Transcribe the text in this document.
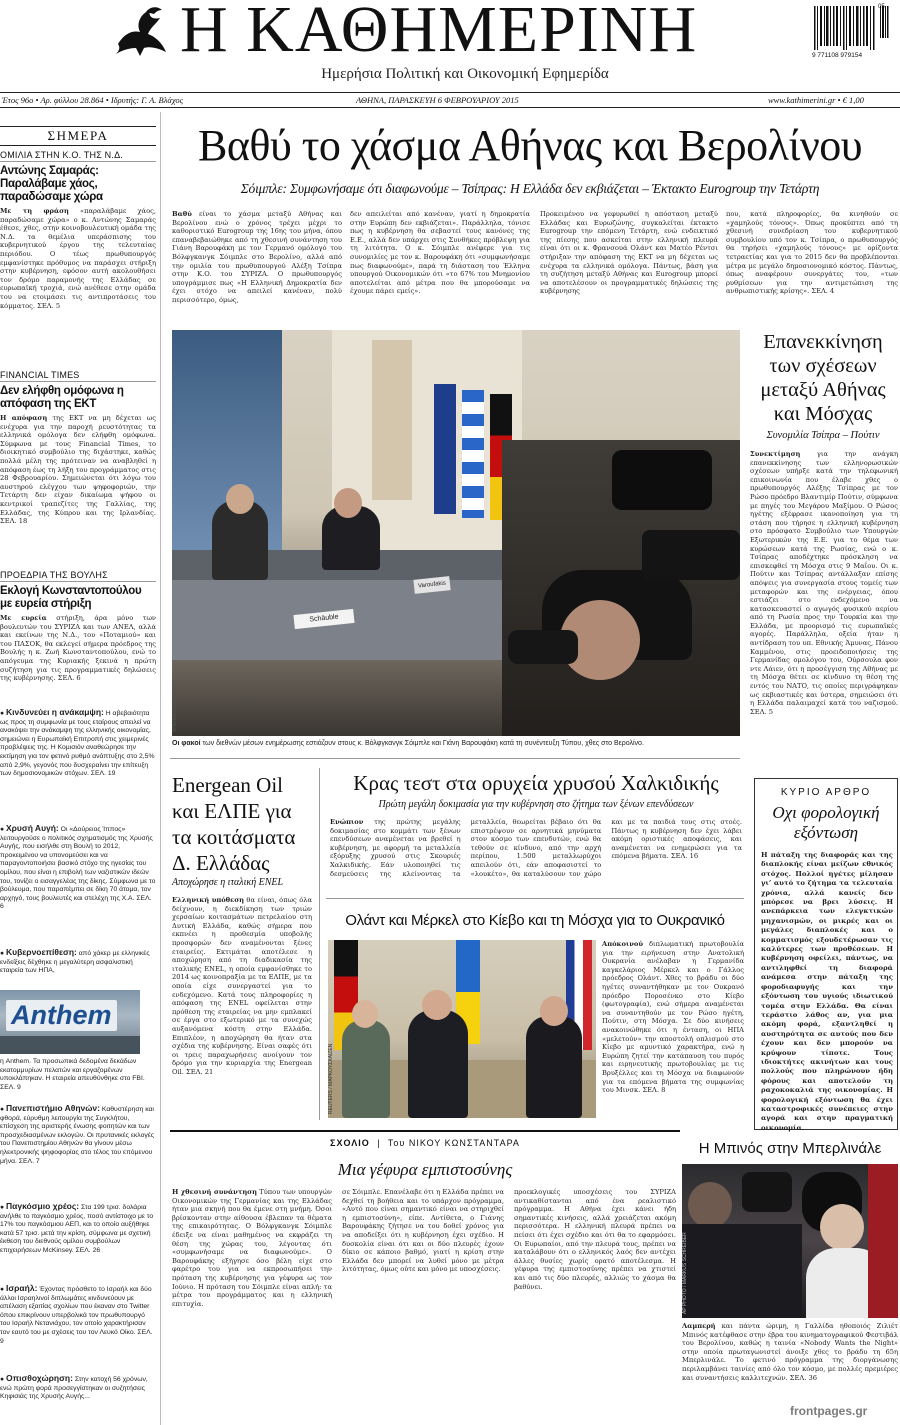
Η ΚΑΘΗΜΕΡΙΝΗ
Ημερήσια Πολιτική και Οικονομική Εφημερίδα
05
9 771108 979154
Έτος 96ο • Αρ. φύλλου 28.864 • Ιδρυτής: Γ. Α. Βλάχος	ΑΘΗΝΑ, ΠΑΡΑΣΚΕΥΗ 6 ΦΕΒΡΟΥΑΡΙΟΥ 2015	www.kathimerini.gr • € 1,00
ΣΗΜΕΡΑ
ΟΜΙΛΙΑ ΣΤΗΝ Κ.Ο. ΤΗΣ Ν.Δ.
Αντώνης Σαμαράς: Παραλάβαμε χάος, παραδώσαμε χώρα
Με τη φράση «παραλάβαμε χάος, παραδώσαμε χώρα» ο κ. Αντώνης Σαμαράς έθεσε, χθες, στην κοινοβουλευτική ομάδα της Ν.Δ. τα θεμέλια υπεράσπισης του κυβερνητικού έργου της τελευταίας περιόδου. Ο τέως πρωθυπουργός εμφανίστηκε πρόθυμος να παράσχει στήριξη στην κυβέρνηση, εφόσον αυτή ακολουθήσει τον δρόμο παραμονής της Ελλάδας σε ευρωπαϊκή τροχιά, ενώ ανέθεσε στην ομάδα του να ετοιμάσει τις αντιπροτάσεις του κόμματος. ΣΕΛ. 5
FINANCIAL TIMES
Δεν ελήφθη ομόφωνα η απόφαση της ΕΚΤ
Η απόφαση της ΕΚΤ να μη δέχεται ως ενέχυρα για την παροχή ρευστότητας τα ελληνικά ομόλογα δεν ελήφθη ομόφωνα. Σύμφωνα με τους Financial Times, το διοικητικό συμβούλιο της διχάστηκε, καθώς πολλά μέλη της πρότειναν να αναβληθεί η απόφαση έως τη λήξη του προγράμματος στις 28 Φεβρουαρίου. Σημειώνεται ότι λόγω του αυστηρού ελέγχου των ψηφοφοριών, την Τετάρτη δεν είχαν δικαίωμα ψήφου οι κεντρικοί τραπεζίτες της Γαλλίας, της Ελλάδας, της Κύπρου και της Ιρλανδίας. ΣΕΛ. 18
ΠΡΟΕΔΡΙΑ ΤΗΣ ΒΟΥΛΗΣ
Εκλογή Κωνσταντοπούλου με ευρεία στήριξη
Με ευρεία στήριξη, άρα μόνο των βουλευτών του ΣΥΡΙΖΑ και των ΑΝΕΛ, αλλά και εκείνων της Ν.Δ., του «Ποταμιού» και του ΠΑΣΟΚ, θα εκλεγεί σήμερα πρόεδρος της Βουλής η κ. Ζωή Κωνσταντοπούλου, ενώ το απόγευμα της Κυριακής ξεκινά η πρώτη συζήτηση για τις προγραμματικές δηλώσεις της κυβέρνησης. ΣΕΛ. 6
● Κινδυνεύει η ανάκαμψη: Η αβεβαιότητα ως προς τη συμφωνία με τους εταίρους απειλεί να ανακόψει την ανάκαμψη της ελληνικής οικονομίας, σημειώνει η Ευρωπαϊκή Επιτροπή στις χειμερινές προβλέψεις της. Η Κομισιόν αναθεώρησε την εκτίμηση για τον φετινό ρυθμό ανάπτυξης στο 2,5% από 2,9%, γεγονός που δυσχεραίνει την επίτευξη των δημοσιονομικών στόχων. ΣΕΛ. 19
● Χρυσή Αυγή: Οι «Δούρειος Ίππος» λειτουργούσε ο πολιτικός σχηματισμός της Χρυσής Αυγής, που εισήλθε στη Βουλή το 2012, προκειμένου να υπονομεύσει και να παραγοντοποιήσει βασικό στόχο της ηγεσίας του ομίλου, που είναι η επιβολή των ναζιστικών ιδεών του, τονίζει ο εισαγγελέας της δίκης. Σύμφωνα με το βούλευμα, που παραπέμπει σε δίκη 70 άτομα, τον αρχηγό, τους βουλευτές και στελέχη της Χ.Α. ΣΕΛ. 6
● Κυβερνοεπίθεση: από χάκερ με ελληνικές ενδείξεις δέχθηκε η μεγαλύτερη ασφαλιστική εταιρεία των ΗΠΑ,
Anthem
η Anthem. Τα προσωπικά δεδομένα δεκάδων εκατομμυρίων πελατών και εργαζομένων υποκλάπηκαν. Η εταιρεία απευθύνθηκε στο FBI. ΣΕΛ. 9
● Πανεπιστήμιο Αθηνών: Καθυστέρηση και φθορά, εύρυθμη λειτουργία της Συγκλήτου, επίσχεση της αριστερής ένωσης φοιτητών και των προσχεδιασμένων εκλογών. Οι πρυτανικές εκλογές του Πανεπιστημίου Αθηνών θα γίνουν μέσω ηλεκτρονικής ψηφοφορίας στο τέλος του επόμενου μήνα. ΣΕΛ. 7
● Παγκόσμιο χρέος: Στα 199 τρισ. δολάρια ανήλθε το παγκόσμιο χρέος, ποσό αντίστοιχο με το 17% του παγκόσμιου ΑΕΠ, και το οποίο αυξήθηκε κατά 57 τρισ. μετά την κρίση, σύμφωνα με σχετική έκθεση του διεθνούς ομίλου συμβούλων επιχειρήσεων McKinsey. ΣΕΛ. 26
● Ισραήλ: Έχοντας πρόσθετο το Ισραήλ και δύο άλλοι Ισραηλινοί διπλωμάτες κινδυνεύουν με απέλαση εξαιτίας σχολίων που έκαναν στο Twitter όπου επικρίνουν υπερβολικά τον πρωθυπουργό του Ισραήλ Νετανιάχου, τον οποίο χαρακτήρισαν τον εαυτό του με σχέσεις του τον Λευκό Οίκο. ΣΕΛ. 9
● Οπισθοχώρηση: Στην κατοχή 56 χρόνων, ενώ πρώτη φορά προσεγγίστηκαν οι συζητήσεις Κηφισιάς της Χρυσής Αυγής...
Βαθύ το χάσμα Αθήνας και Βερολίνου
Σόιμπλε: Συμφωνήσαμε ότι διαφωνούμε – Τσίπρας: Η Ελλάδα δεν εκβιάζεται – Έκτακτο Eurogroup την Τετάρτη
Βαθύ είναι το χάσμα μεταξύ Αθήνας και Βερολίνου ενώ ο χρόνος τρέχει μέχρι το καθοριστικό Eurogroup της 16ης του μήνα, όπου επαναβεβαιώθηκε από τη χθεσινή συνάντηση του Γιάνη Βαρουφάκη με τον Γερμανό ομόλογό του Βόλφγκανγκ Σόιμπλε στο Βερολίνο, αλλά από την ομιλία του πρωθυπουργού Αλέξη Τσίπρα στην Κ.Ο. του ΣΥΡΙΖΑ. Ο πρωθυπουργός υπογράμμισε πως «Η Ελληνική Δημοκρατία δεν έχει στόχο να απειλεί κανέναν, πολύ περισσότερο, όμως,
δεν απειλείται από κανέναν, γιατί η δημοκρατία στην Ευρώπη δεν εκβιάζεται». Παράλληλα, τόνισε πως η κυβέρνηση θα σεβαστεί τους κανόνες της Ε.Ε., αλλά δεν υπάρχει στις Συνθήκες πρόβλεψη για τη λιτότητα. Ο κ. Σόιμπλε ανέφερε για τις συνομιλίες με τον κ. Βαρουφάκη ότι «συμφωνήσαμε πως διαφωνούμε», παρά τη διάσταση του Έλληνα υπουργού Οικονομικών ότι «το 67% του Μνημονίου αποτελείται από μέτρα που θα μπορούσαμε να έχουμε πάρει εμείς».
Προκειμένου να γεφυρωθεί η απόσταση μεταξύ Ελλάδας και Ευρωζώνης, συγκαλείται έκτακτο Eurogroup την επόμενη Τετάρτη, ενώ ενδεικτικό της πίεσης που ασκείται στην ελληνική πλευρά είναι ότι οι κ. Φρανσουά Ολάντ και Ματέο Ρέντσι στήριξαν την απόφαση της ΕΚΤ να μη δέχεται ως ενέχυρα τα ελληνικά ομόλογα. Πάντως, βάση για τη συζήτηση μεταξύ Αθήνας και Eurogroup μπορεί να αποτελέσουν οι προγραμματικές δηλώσεις της κυβέρνησης
που, κατά πληροφορίες, θα κινηθούν σε «χαμηλούς τόνους». Όπως προκύπτει από τη χθεσινή συνεδρίαση του κυβερνητικού συμβουλίου υπό τον κ. Τσίπρα, ο πρωθυπουργός θα τηρήσει «χαμηλούς τόνους» με ορίζοντα τετραετίας και για το 2015 δεν θα προβλέπονται μέτρα με μεγάλο δημοσιονομικό κόστος. Πάντως, όπως αναφέρουν συνεργάτες του, «των ρυθμίσεων για την αντιμετώπιση της ανθρωπιστικής κρίσης». ΣΕΛ. 4
Schäuble
Varoufakis
ΑΠΕ/ΦΩΤΟ/ΟΡΕΣΤΗΣ
Οι φακοί των διεθνών μέσων ενημέρωσης εστιάζουν στους κ. Βόλφγκανγκ Σόιμπλε και Γιάνη Βαρουφάκη κατά τη συνέντευξη Τύπου, χθες στο Βερολίνο.
Επανεκκίνηση των σχέσεων μεταξύ Αθήνας και Μόσχας
Συνομιλία Τσίπρα – Πούτιν
Συνεκτίμηση για την ανάγκη επανεκκίνησης των ελληνορωσικών σχέσεων υπήρξε κατά την τηλεφωνική επικοινωνία που έλαβε χθες ο πρωθυπουργός Αλέξης Τσίπρας με τον Ρώσο πρόεδρο Βλαντιμίρ Πούτιν, σύμφωνα με πηγές του Μεγάρου Μαξίμου. Ο Ρώσος ηγέτης εξέφρασε ικανοποίηση για τη στάση που τήρησε η ελληνική κυβέρνηση στο πρόσφατο Συμβούλιο των Υπουργών Εξωτερικών της Ε.Ε. για το θέμα των κυρώσεων κατά της Ρωσίας, ενώ ο κ. Τσίπρας αποδέχτηκε πρόσκληση να επισκεφθεί τη Μόσχα στις 9 Μαΐου. Οι κ. Πούτιν και Τσίπρας αντάλλαξαν επίσης απόψεις για συνεργασία στους τομείς των μεταφορών και της ενέργειας, όπου εστιάζει στο ενδεχόμενο να κατασκευαστεί ο αγωγός φυσικού αερίου από τη Ρωσία προς την Τουρκία και την Ελλάδα, με προορισμό τις ευρωπαϊκές αγορές. Παράλληλα, οξεία ήταν η αντίδραση του υπ. Εθνικής Άμυνας, Πάνου Καμμένου, στις προειδοποιήσεις της Γερμανίδας ομολόγου του, Ούρσουλα φον ντε Λάιεν, ότι η προσέγγιση της Αθήνας με τη Μόσχα θέτει σε κίνδυνο τη θέση της εντός του ΝΑΤΟ, τις οποίες περιγράφηκαν ως εκβιαστικές και ύστερα, σημειώσει ότι η Ελλάδα παλαιμαχεί κατά του ναζισμού. ΣΕΛ. 5
Energean Oil και ΕΛΠΕ για τα κοιτάσματα Δ. Ελλάδας
Αποχώρησε η ιταλική ENEL
Ελληνική υπόθεση θα είναι, όπως όλα δείχνουν, η διεκδίκηση των τριών χερσαίων κοιτασμάτων πετρελαίου στη Δυτική Ελλάδα, καθώς σήμερα που εκπνέει η προθεσμία υποβολής προσφορών δεν αναμένονται ξένες εταιρείες. Εκτιμάται αποτέλεσε η αποχώρηση από τη διαδικασία της ιταλικής ENEL, η οποία εμφανίσθηκε το 2014 ως κοινοπραξία με τα ΕΛΠΕ, με τα οποία είχε συνεργαστεί για το ενδεχόμενο. Κατά τους πληροφορίες η απόφαση της ENEL οφείλεται στην πρόθεση της εταιρείας να μην εμπλακεί σε έργα στο εξωτερικό με τα συνεχώς αυξανόμενα κόστη στην Ελλάδα. Επιπλέον, η αποχώρηση θα ήταν στα σχέδια της κυβέρνησης. Είναι σαφές ότι οι τρεις παραχωρήσεις ανοίγουν τον δρόμο για την κυριαρχία της Energean Oil. ΣΕΛ. 21
Κρας τεστ στα ορυχεία χρυσού Χαλκιδικής
Πρώτη μεγάλη δοκιμασία για την κυβέρνηση στο ζήτημα των ξένων επενδύσεων
Ενώπιον της πρώτης μεγάλης δοκιμασίας στο κομμάτι των ξένων επενδύσεων αναμένεται να βρεθεί η κυβέρνηση, με αφορμή τα μεταλλεία εξόρυξης χρυσού στις Σκουριές Χαλκιδικής. Εάν υλοποιηθεί τις δεσμεύσεις της κλείνοντας τα μεταλλεία, θεωρείται βέβαιο ότι θα επιστρέψουν σε αρνητικά μηνύματα στον κόσμο των επενδυτών, ενώ θα τεθούν σε κίνδυνο, από την αρχή περίπου, 1.500 μεταλλωρύχοι απειλούν ότι, εάν αποφασιστεί το «λουκέτο», θα καταλύσουν τον χώρο και με τα παιδιά τους στις στοές. Πάντως η κυβέρνηση δεν έχει λάβει ακόμη οριστικές αποφάσεις, και αναμένεται να ενημερώσει για τα επόμενα βήματα. ΣΕΛ. 16
Ολάντ και Μέρκελ στο Κίεβο και τη Μόσχα για το Ουκρανικό
REUTERS / ΜΑΡΚΟΥΣΧΑΙΖΕΝ
Απόκοινού διπλωματική πρωτοβουλία για την ειρήνευση στην Ανατολική Ουκρανία ανέλαβαν η Γερμανίδα καγκελάριος Μέρκελ και ο Γάλλος πρόεδρος Ολάντ. Χθες το βράδυ οι δύο ηγέτες συναντήθηκαν με τον Ουκρανό πρόεδρο Ποροσένκο στο Κίεβο (φωτογραφία), ενώ σήμερα αναμένεται να συναντηθούν με τον Ρώσο ηγέτη, Πούτιν, στη Μόσχα. Σε δύο κινήσεις ανακοινώθηκε ότι η ένταση, οι ΗΠΑ «μελετούν» την αποστολή οπλισμού στο Κίεβο με αμυντικό χαρακτήρα, ενώ η Ευρώπη ζητεί την κατάπαυση του πυρός και ειρηνευτικής πρωτοβουλίας με τις Βρυξέλλες και τη Μόσχα να διαφωνούν για τα επόμενα βήματα της συμφωνίας του Μινσκ. ΣΕΛ. 8
ΚΥΡΙΟ ΑΡΘΡΟ
Οχι φορολογική εξόντωση
Η πάταξη της διαφοράς και της διαπλοκής είναι μείζων εθνικός στόχος. Πολλοί ηγέτες μίλησαν γι’ αυτό το ζήτημα τα τελευταία χρόνια, αλλά κανείς δεν μπόρεσε να βρει λύσεις. Η ανεπάρκεια των ελεγκτικών μηχανισμών, οι μικρές και οι μεγάλες διαπλοκές και ο κομματισμός εξουδετέρωσαν τις καλύτερες των προθέσεων. Η κυβέρνηση οφείλει, πάντως, να αντιληφθεί τη διαφορά ανάμεσα στην πάταξη της φοροδιαφυγής και την εξόντωση του υγιούς ιδιωτικού τομέα στην Ελλάδα. Θα είναι τεράστιο λάθος αν, για μια ακόμη φορά, εξαντληθεί η αυστηρότητα σε αυτούς που δεν έχουν και δεν μπορούν να κρύψουν τίποτε. Τους ιδιοκτήτες ακινήτων και τους πολλούς που πληρώνουν ήδη φόρους και αποτελούν τη ραχοκοκαλιά της οικονομίας. Η φορολογική εξόντωση θα έχει καταστροφικές συνέπειες στην αγορά και στην πραγματική οικονομία.
ΣΧΟΛΙΟ | Του ΝΙΚΟΥ ΚΩΝΣΤΑΝΤΑΡΑ
Μια γέφυρα εμπιστοσύνης
Η χθεσινή συνάντηση Τύπου των υπουργών Οικονομικών της Γερμανίας και της Ελλάδας ήταν μια σκηνή που θα έμενε στη μνήμη. Όσοι βρίσκονταν στην αίθουσα έβλεπαν τα θέματα της επικαιρότητας. Ο Βόλφγκανγκ Σόιμπλε έδειξε να είναι μαθημένος να εκφράζει τη θέση της χώρας του, λέγοντας ότι «συμφωνήσαμε να διαφωνούμε». Ο Βαρουφάκης εξήγησε όσο βέλη είχε στο φαρέτρο του για να εκπροσωπήσει την πρόταση της κυβέρνησης για γέφυρα ως τον Ιούνιο. Η πρόταση του Σόιμπλε είναι απλή: τα μέτρα του προγράμματος και η ελληνική επιτυχία.
σε Σόιμπλε. Επανέλαβε ότι η Ελλάδα πρέπει να δεχθεί τη βοήθεια και το υπάρχον πρόγραμμα, «Αυτό που είναι σημαντικό είναι να στηριχθεί η εμπιστοσύνη», είπε. Αντίθετα, ο Γιάνης Βαρουφάκης ζήτησε να του δοθεί χρόνος για να αποδείξει ότι η κυβέρνηση έχει σχέδιο. Η δυσκολία είναι ότι και οι δύο πλευρές έχουν δίκιο σε κάποιο βαθμό, γιατί η κρίση στην Ελλάδα δεν μπορεί να λυθεί μόνο με μέτρα λιτότητας, όμως ούτε και μόνο με υποσχέσεις.
προεκλογικές υποσχέσεις του ΣΥΡΙΖΑ αντικαθίστανται από ένα ρεαλιστικό πρόγραμμα. Η Αθήνα έχει κάνει ήδη σημαντικές κινήσεις, αλλά χρειάζεται ακόμη περισσότερα. Η ελληνική πλευρά πρέπει να πείσει ότι έχει σχέδιο και ότι θα το εφαρμόσει. Οι Ευρωπαίοι, από την πλευρά τους, πρέπει να καταλάβουν ότι ο ελληνικός λαός δεν αντέχει άλλες θυσίες χωρίς ορατό αποτέλεσμα. Η γέφυρα της εμπιστοσύνης πρέπει να χτιστεί και από τις δύο πλευρές, αλλιώς το χάσμα θα βαθύνει.
Η Μπινός στην Μπερλινάλε
AP PHOTO / MARKUS SCHREIBER
Λαμπερή και πάντα ώριμη, η Γαλλίδα ηθοποιός Ζιλιέτ Μπινός κατέφθασε στην έβρα του κινηματογραφικού Φεστιβάλ του Βερολίνου, καθώς η ταινία «Nobody Wants the Night» στην οποία πρωταγωνιστεί άνοιξε χθες το βράδυ τη 65η Μπερλινάλε. Το φετινό πρόγραμμα της διοργάνωσης περιλαμβάνει ταινίες από όλο τον κόσμο, με πολλές πρεμιέρες και συναντήσεις καλλιτεχνών. ΣΕΛ. 36
frontpages.gr
